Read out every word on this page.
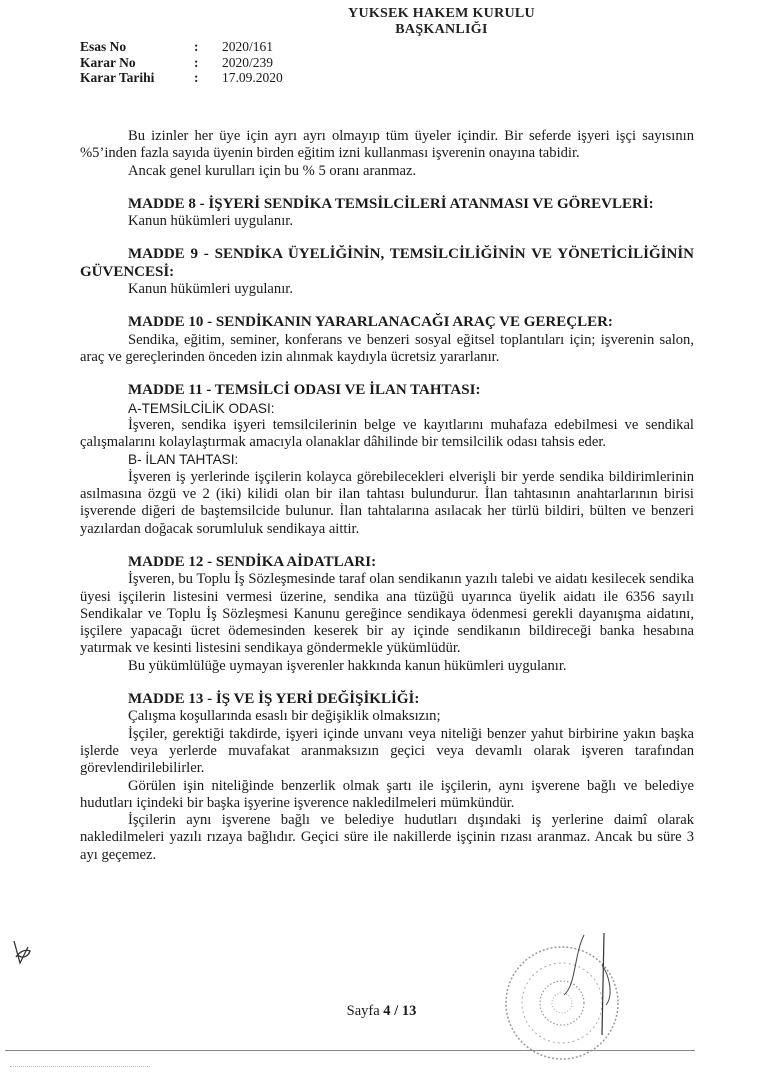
YUKSEK HAKEM KURULU
BAŞKANLIĞI
Esas No	:	2020/161
Karar No	:	2020/239
Karar Tarihi	:	17.09.2020

Bu izinler her üye için ayrı ayrı olmayıp tüm üyeler içindir. Bir seferde işyeri işçi sayısının %5’inden fazla sayıda üyenin birden eğitim izni kullanması işverenin onayına tabidir.

Ancak genel kurulları için bu % 5 oranı aranmaz.

MADDE 8 - İŞYERİ SENDİKA TEMSİLCİLERİ ATANMASI VE GÖREVLERİ:

Kanun hükümleri uygulanır.

MADDE 9 - SENDİKA ÜYELİĞİNİN, TEMSİLCİLİĞİNİN VE YÖNETİCİLİĞİNİN GÜVENCESİ:

Kanun hükümleri uygulanır.

MADDE 10 - SENDİKANIN YARARLANACAĞI ARAÇ VE GEREÇLER:

Sendika, eğitim, seminer, konferans ve benzeri sosyal eğitsel toplantıları için; işverenin salon, araç ve gereçlerinden önceden izin alınmak kaydıyla ücretsiz yararlanır.

MADDE 11 - TEMSİLCİ ODASI VE İLAN TAHTASI:

A-TEMSİLCİLİK ODASI:

İşveren, sendika işyeri temsilcilerinin belge ve kayıtlarını muhafaza edebilmesi ve sendikal çalışmalarını kolaylaştırmak amacıyla olanaklar dâhilinde bir temsilcilik odası tahsis eder.

B- İLAN TAHTASI:

İşveren iş yerlerinde işçilerin kolayca görebilecekleri elverişli bir yerde sendika bildirimlerinin asılmasına özgü ve 2 (iki) kilidi olan bir ilan tahtası bulundurur. İlan tahtasının anahtarlarının birisi işverende diğeri de baştemsilcide bulunur. İlan tahtalarına asılacak her türlü bildiri, bülten ve benzeri yazılardan doğacak sorumluluk sendikaya aittir.

MADDE 12 - SENDİKA AİDATLARI:

İşveren, bu Toplu İş Sözleşmesinde taraf olan sendikanın yazılı talebi ve aidatı kesilecek sendika üyesi işçilerin listesini vermesi üzerine, sendika ana tüzüğü uyarınca üyelik aidatı ile 6356 sayılı Sendikalar ve Toplu İş Sözleşmesi Kanunu gereğince sendikaya ödenmesi gerekli dayanışma aidatını, işçilere yapacağı ücret ödemesinden keserek bir ay içinde sendikanın bildireceği banka hesabına yatırmak ve kesinti listesini sendikaya göndermekle yükümlüdür.

Bu yükümlülüğe uymayan işverenler hakkında kanun hükümleri uygulanır.

MADDE 13 - İŞ VE İŞ YERİ DEĞİŞİKLİĞİ:

Çalışma koşullarında esaslı bir değişiklik olmaksızın;

İşçiler, gerektiği takdirde, işyeri içinde unvanı veya niteliği benzer yahut birbirine yakın başka işlerde veya yerlerde muvafakat aranmaksızın geçici veya devamlı olarak işveren tarafından görevlendirilebilirler.

Görülen işin niteliğinde benzerlik olmak şartı ile işçilerin, aynı işverene bağlı ve belediye hudutları içindeki bir başka işyerine işverence nakledilmeleri mümkündür.

İşçilerin aynı işverene bağlı ve belediye hudutları dışındaki iş yerlerine daimî olarak nakledilmeleri yazılı rızaya bağlıdır. Geçici süre ile nakillerde işçinin rızası aranmaz. Ancak bu süre 3 ayı geçemez.

Sayfa 4 / 13
